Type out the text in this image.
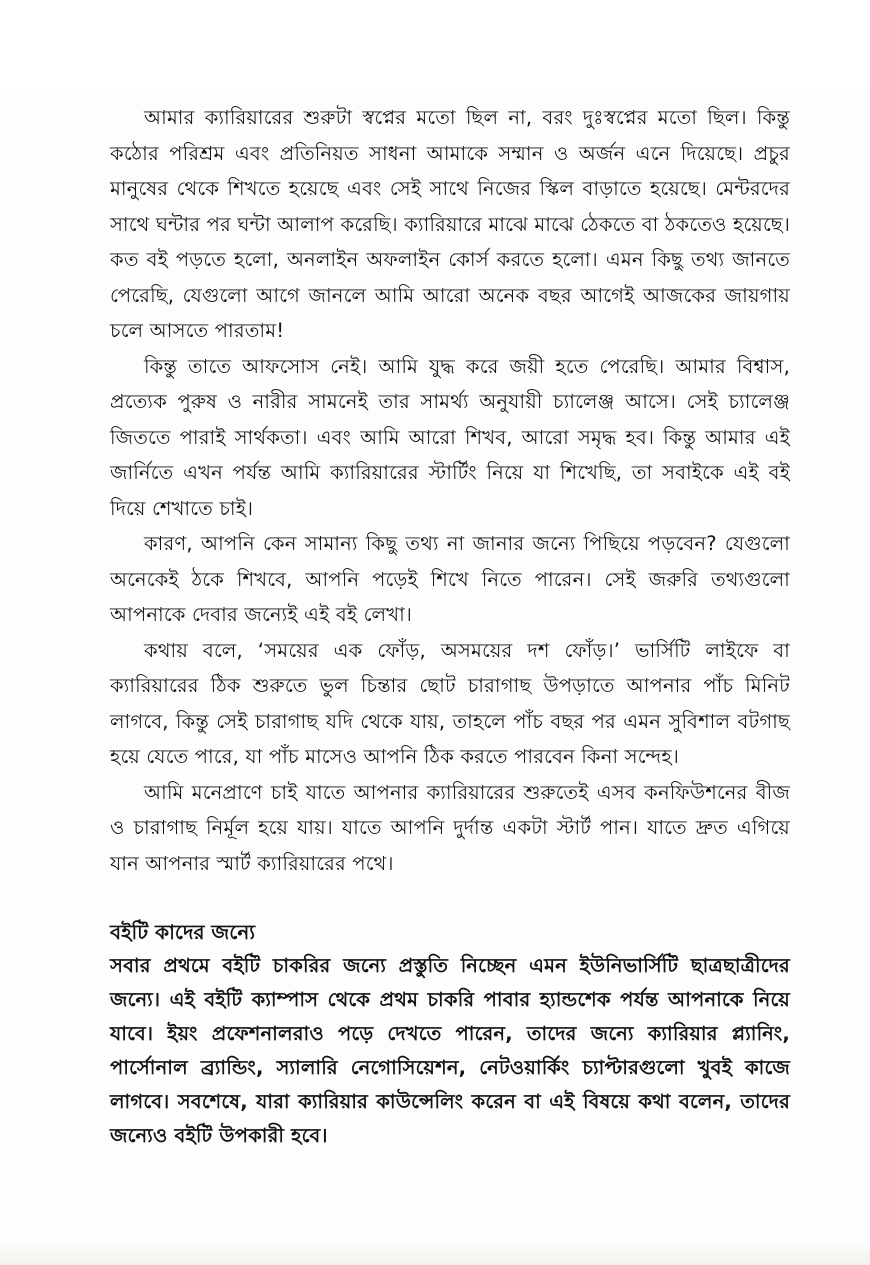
আমার ক্যারিয়ারের শুরুটা স্বপ্নের মতো ছিল না, বরং দুঃস্বপ্নের মতো ছিল। কিন্তু কঠোর পরিশ্রম এবং প্রতিনিয়ত সাধনা আমাকে সম্মান ও অর্জন এনে দিয়েছে। প্রচুর মানুষের থেকে শিখতে হয়েছে এবং সেই সাথে নিজের স্কিল বাড়াতে হয়েছে। মেন্টরদের সাথে ঘন্টার পর ঘন্টা আলাপ করেছি। ক্যারিয়ারে মাঝে মাঝে ঠেকতে বা ঠকতেও হয়েছে। কত বই পড়তে হলো, অনলাইন অফলাইন কোর্স করতে হলো। এমন কিছু তথ্য জানতে পেরেছি, যেগুলো আগে জানলে আমি আরো অনেক বছর আগেই আজকের জায়গায় চলে আসতে পারতাম!

কিন্তু তাতে আফসোস নেই। আমি যুদ্ধ করে জয়ী হতে পেরেছি। আমার বিশ্বাস, প্রত্যেক পুরুষ ও নারীর সামনেই তার সামর্থ্য অনুযায়ী চ্যালেঞ্জ আসে। সেই চ্যালেঞ্জ জিততে পারাই সার্থকতা। এবং আমি আরো শিখব, আরো সমৃদ্ধ হব। কিন্তু আমার এই জার্নিতে এখন পর্যন্ত আমি ক্যারিয়ারের স্টার্টিং নিয়ে যা শিখেছি, তা সবাইকে এই বই দিয়ে শেখাতে চাই।

কারণ, আপনি কেন সামান্য কিছু তথ্য না জানার জন্যে পিছিয়ে পড়বেন? যেগুলো অনেকেই ঠকে শিখবে, আপনি পড়েই শিখে নিতে পারেন। সেই জরুরি তথ্যগুলো আপনাকে দেবার জন্যেই এই বই লেখা।

কথায় বলে, ‘সময়ের এক ফোঁড়, অসময়ের দশ ফোঁড়।’ ভার্সিটি লাইফে বা ক্যারিয়ারের ঠিক শুরুতে ভুল চিন্তার ছোট চারাগাছ উপড়াতে আপনার পাঁচ মিনিট লাগবে, কিন্তু সেই চারাগাছ যদি থেকে যায়, তাহলে পাঁচ বছর পর এমন সুবিশাল বটগাছ হয়ে যেতে পারে, যা পাঁচ মাসেও আপনি ঠিক করতে পারবেন কিনা সন্দেহ।

আমি মনেপ্রাণে চাই যাতে আপনার ক্যারিয়ারের শুরুতেই এসব কনফিউশনের বীজ ও চারাগাছ নির্মূল হয়ে যায়। যাতে আপনি দুর্দান্ত একটা স্টার্ট পান। যাতে দ্রুত এগিয়ে যান আপনার স্মার্ট ক্যারিয়ারের পথে।

বইটি কাদের জন্যে

সবার প্রথমে বইটি চাকরির জন্যে প্রস্তুতি নিচ্ছেন এমন ইউনিভার্সিটি ছাত্রছাত্রীদের জন্যে। এই বইটি ক্যাম্পাস থেকে প্রথম চাকরি পাবার হ্যান্ডশেক পর্যন্ত আপনাকে নিয়ে যাবে। ইয়ং প্রফেশনালরাও পড়ে দেখতে পারেন, তাদের জন্যে ক্যারিয়ার প্ল্যানিং, পার্সোনাল ব্র্যান্ডিং, স্যালারি নেগোসিয়েশন, নেটওয়ার্কিং চ্যাপ্টারগুলো খুবই কাজে লাগবে। সবশেষে, যারা ক্যারিয়ার কাউন্সেলিং করেন বা এই বিষয়ে কথা বলেন, তাদের জন্যেও বইটি উপকারী হবে।
